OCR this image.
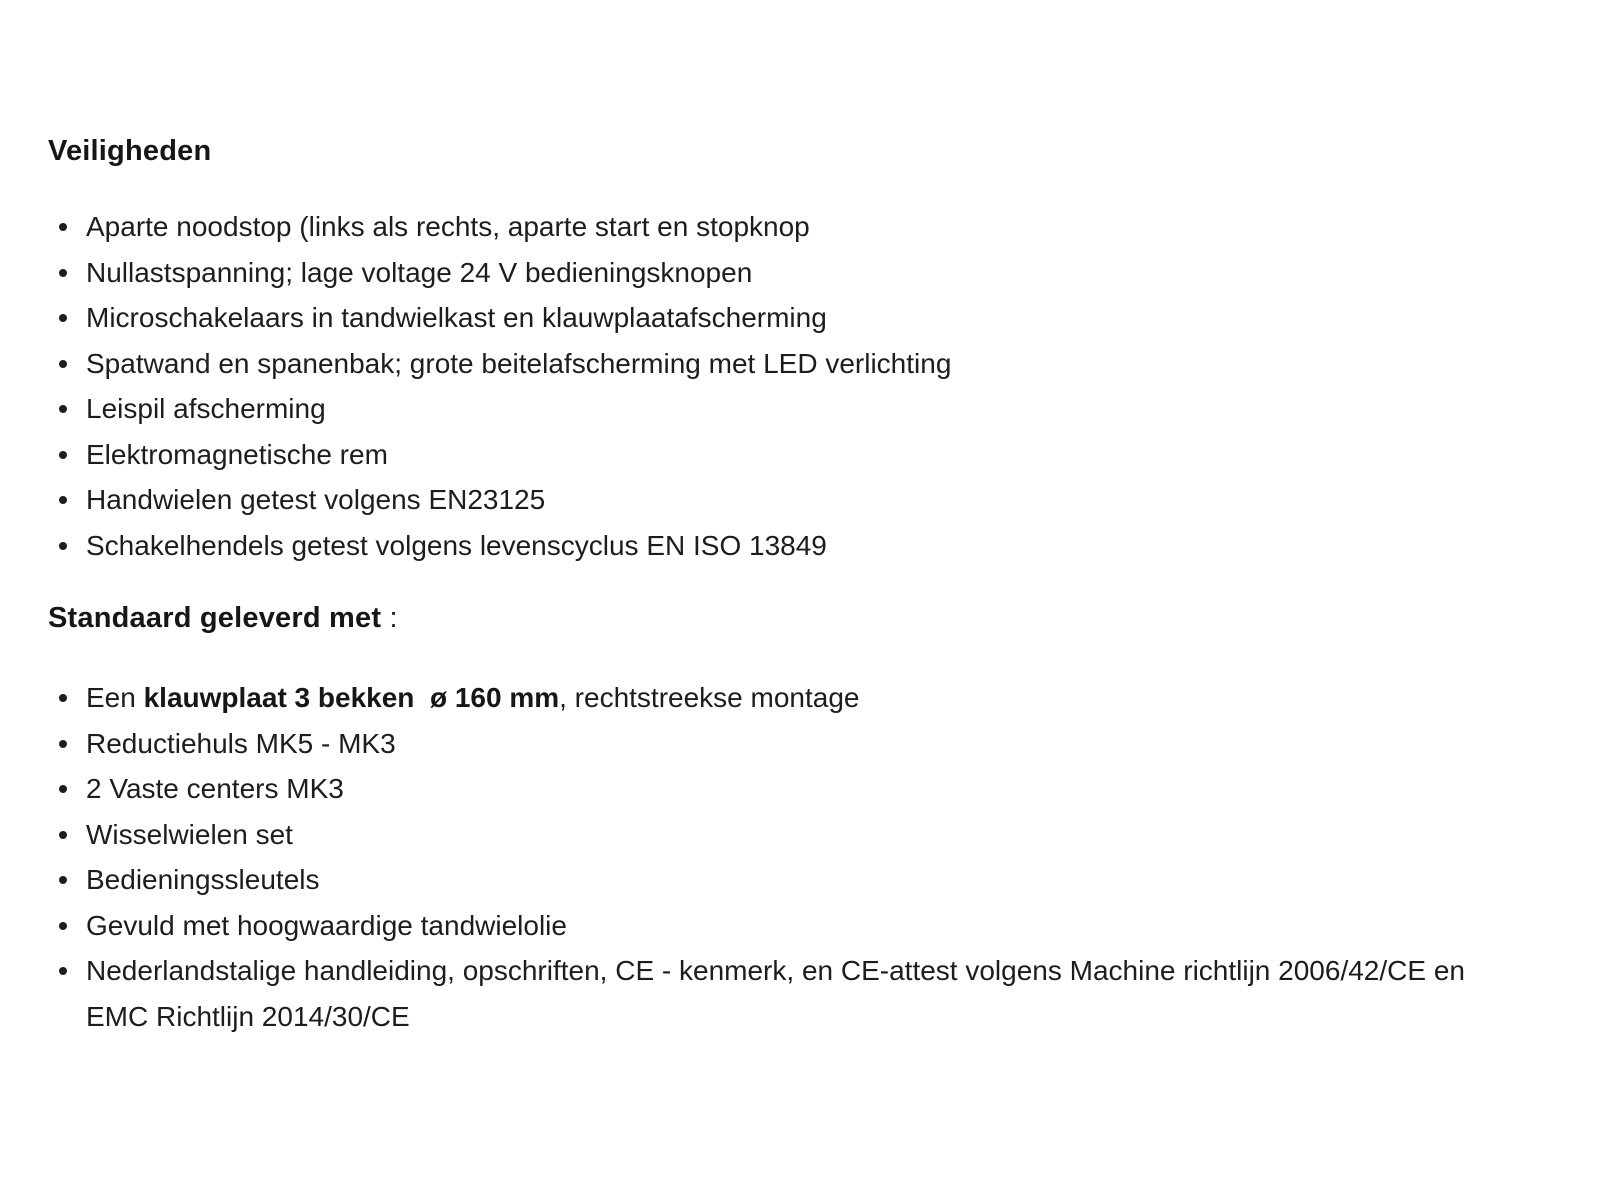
Veiligheden
Aparte noodstop (links als rechts, aparte start en stopknop
Nullastspanning; lage voltage 24 V bedieningsknopen
Microschakelaars in tandwielkast en klauwplaatafscherming
Spatwand en spanenbak; grote beitelafscherming met LED verlichting
Leispil afscherming
Elektromagnetische rem
Handwielen getest volgens EN23125
Schakelhendels getest volgens levenscyclus EN ISO 13849
Standaard geleverd met :
Een klauwplaat 3 bekken  ø 160 mm, rechtstreekse montage
Reductiehuls MK5 - MK3
2 Vaste centers MK3
Wisselwielen set
Bedieningssleutels
Gevuld met hoogwaardige tandwielolie
Nederlandstalige handleiding, opschriften, CE - kenmerk, en CE-attest volgens Machine richtlijn 2006/42/CE en EMC Richtlijn 2014/30/CE
